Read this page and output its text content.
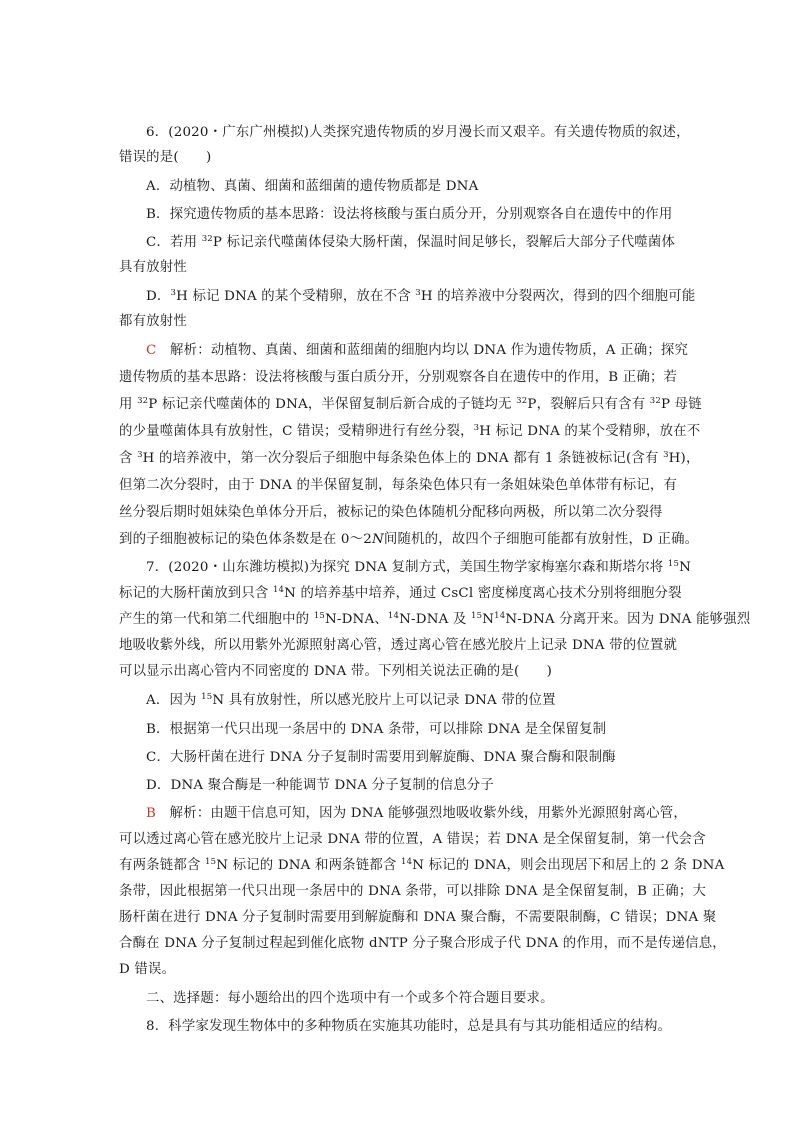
6．(2020・广东广州模拟)人类探究遗传物质的岁月漫长而又艰辛。有关遗传物质的叙述，
错误的是(　　)
A．动植物、真菌、细菌和蓝细菌的遗传物质都是 DNA
B．探究遗传物质的基本思路：设法将核酸与蛋白质分开，分别观察各自在遗传中的作用
C．若用 $^{32}$P 标记亲代噬菌体侵染大肠杆菌，保温时间足够长，裂解后大部分子代噬菌体
具有放射性
D．$^3$H 标记 DNA 的某个受精卵，放在不含 $^3$H 的培养液中分裂两次，得到的四个细胞可能
都有放射性
C　解析：动植物、真菌、细菌和蓝细菌的细胞内均以 DNA 作为遗传物质，A 正确；探究
遗传物质的基本思路：设法将核酸与蛋白质分开，分别观察各自在遗传中的作用，B 正确；若
用 $^{32}$P 标记亲代噬菌体的 DNA，半保留复制后新合成的子链均无 $^{32}$P，裂解后只有含有 $^{32}$P 母链
的少量噬菌体具有放射性，C 错误；受精卵进行有丝分裂，$^3$H 标记 DNA 的某个受精卵，放在不
含 $^3$H 的培养液中，第一次分裂后子细胞中每条染色体上的 DNA 都有 1 条链被标记(含有 $^3$H)，
但第二次分裂时，由于 DNA 的半保留复制，每条染色体只有一条姐妹染色单体带有标记，有
丝分裂后期时姐妹染色单体分开后，被标记的染色体随机分配移向两极，所以第二次分裂得
到的子细胞被标记的染色体条数是在 0～2N间随机的，故四个子细胞可能都有放射性，D 正确。
7．(2020・山东潍坊模拟)为探究 DNA 复制方式，美国生物学家梅塞尔森和斯塔尔将 $^{15}$N
标记的大肠杆菌放到只含 $^{14}$N 的培养基中培养，通过 CsCl 密度梯度离心技术分别将细胞分裂
产生的第一代和第二代细胞中的 $^{15}$N-DNA、$^{14}$N-DNA 及 $^{15}N^{14}N$-DNA 分离开来。因为 DNA 能够强烈
地吸收紫外线，所以用紫外光源照射离心管，透过离心管在感光胶片上记录 DNA 带的位置就
可以显示出离心管内不同密度的 DNA 带。下列相关说法正确的是(　　)
A．因为 $^{15}$N 具有放射性，所以感光胶片上可以记录 DNA 带的位置
B．根据第一代只出现一条居中的 DNA 条带，可以排除 DNA 是全保留复制
C．大肠杆菌在进行 DNA 分子复制时需要用到解旋酶、DNA 聚合酶和限制酶
D．DNA 聚合酶是一种能调节 DNA 分子复制的信息分子
B　解析：由题干信息可知，因为 DNA 能够强烈地吸收紫外线，用紫外光源照射离心管，
可以透过离心管在感光胶片上记录 DNA 带的位置，A 错误；若 DNA 是全保留复制，第一代会含
有两条链都含 $^{15}$N 标记的 DNA 和两条链都含 $^{14}$N 标记的 DNA，则会出现居下和居上的 2 条 DNA
条带，因此根据第一代只出现一条居中的 DNA 条带，可以排除 DNA 是全保留复制，B 正确；大
肠杆菌在进行 DNA 分子复制时需要用到解旋酶和 DNA 聚合酶，不需要限制酶，C 错误；DNA 聚
合酶在 DNA 分子复制过程起到催化底物 dNTP 分子聚合形成子代 DNA 的作用，而不是传递信息，
D 错误。
二、选择题：每小题给出的四个选项中有一个或多个符合题目要求。
8．科学家发现生物体中的多种物质在实施其功能时，总是具有与其功能相适应的结构。
